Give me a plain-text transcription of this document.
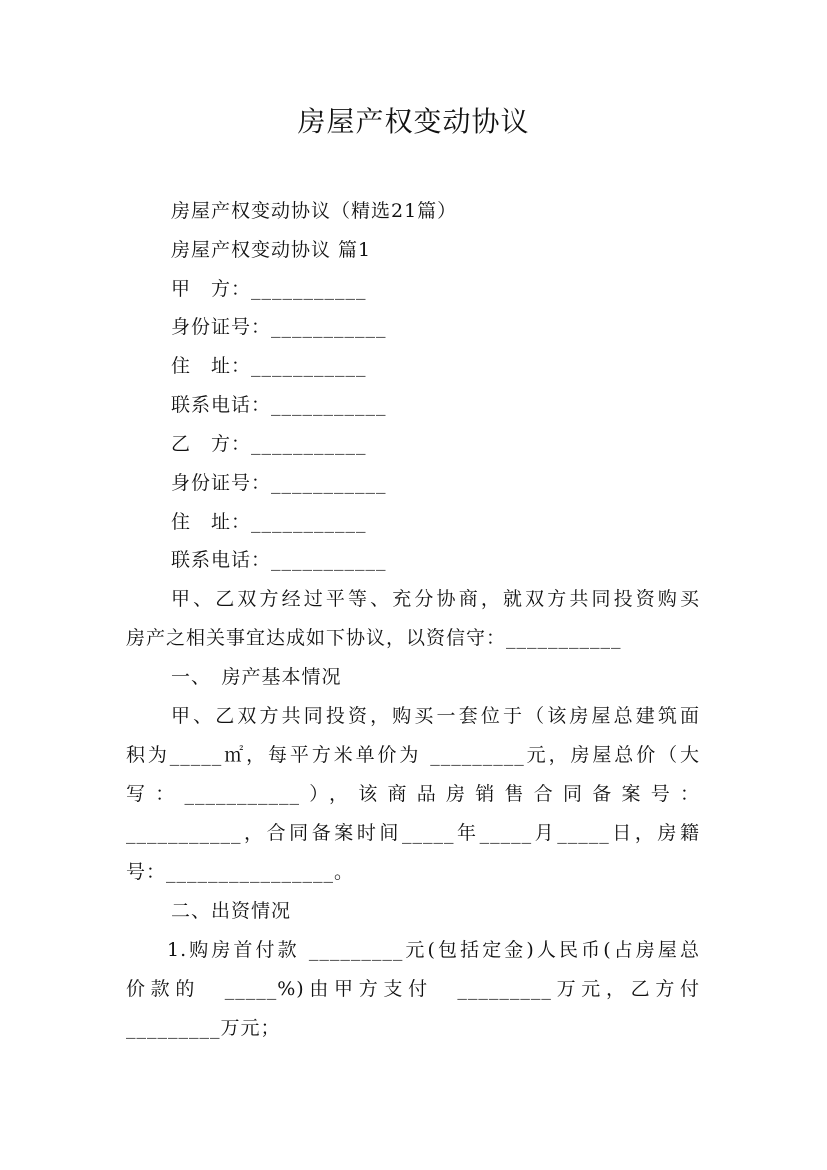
房屋产权变动协议
房屋产权变动协议（精选21篇）
房屋产权变动协议 篇1
甲　方：___________
身份证号：___________
住　址：___________
联系电话：___________
乙　方：___________
身份证号：___________
住　址：___________
联系电话：___________
甲、乙双方经过平等、充分协商，就双方共同投资购买
房产之相关事宜达成如下协议，以资信守：___________
一、　房产基本情况
甲、乙双方共同投资，购买一套位于（该房屋总建筑面
积为_____㎡，每平方米单价为 _________元，房屋总价（大
写：___________），该商品房销售合同备案号：
___________，合同备案时间_____年_____月_____日，房籍
号：________________。
二、出资情况
1.购房首付款 _________元(包括定金)人民币(占房屋总
价款的　_____%)由甲方支付　_________万元，乙方付
_________万元；
